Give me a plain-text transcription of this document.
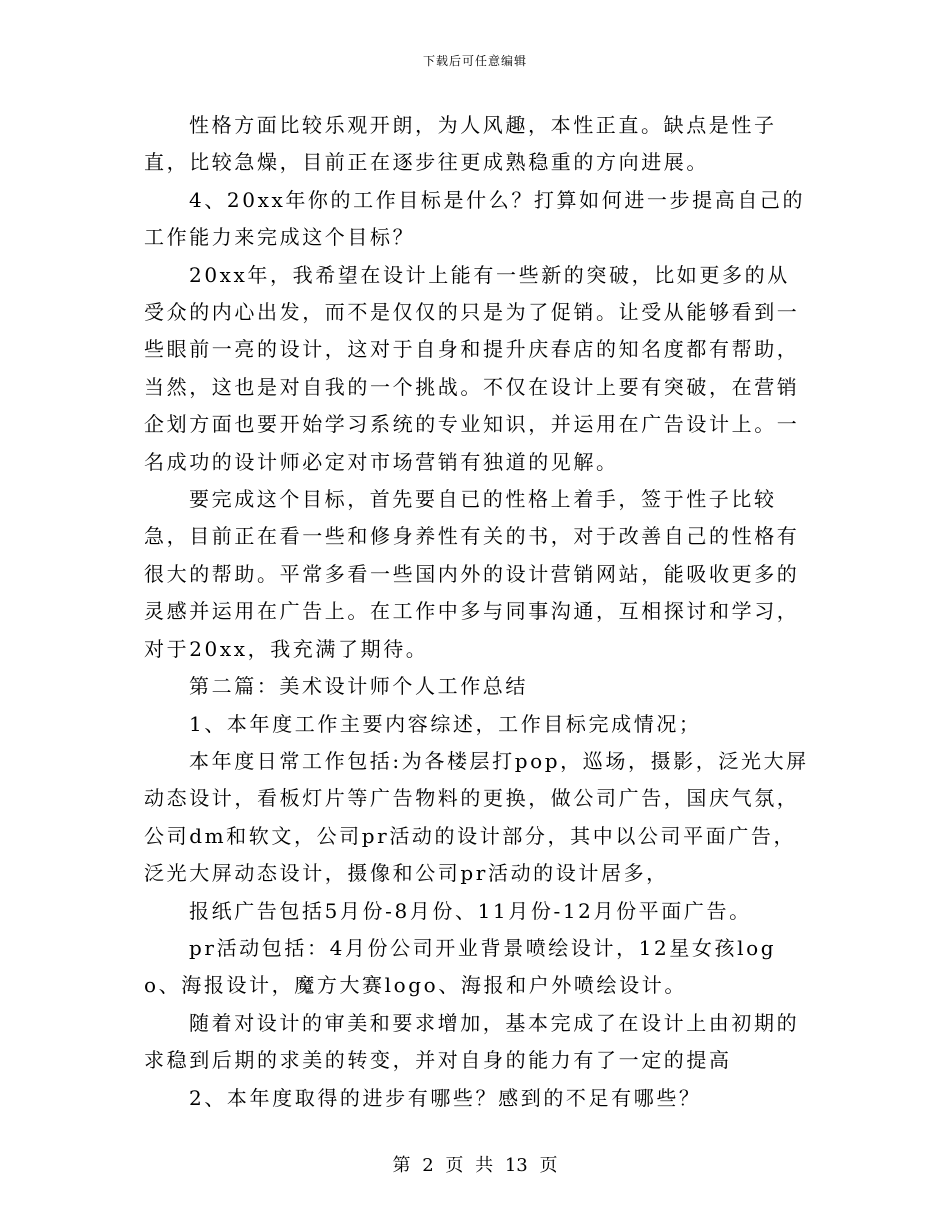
下载后可任意编辑

性格方面比较乐观开朗，为人风趣，本性正直。缺点是性子直，比较急燥，目前正在逐步往更成熟稳重的方向进展。

4、20xx年你的工作目标是什么？打算如何进一步提高自己的工作能力来完成这个目标？

20xx年，我希望在设计上能有一些新的突破，比如更多的从受众的内心出发，而不是仅仅的只是为了促销。让受从能够看到一些眼前一亮的设计，这对于自身和提升庆春店的知名度都有帮助，当然，这也是对自我的一个挑战。不仅在设计上要有突破，在营销企划方面也要开始学习系统的专业知识，并运用在广告设计上。一名成功的设计师必定对市场营销有独道的见解。

要完成这个目标，首先要自已的性格上着手，签于性子比较急，目前正在看一些和修身养性有关的书，对于改善自己的性格有很大的帮助。平常多看一些国内外的设计营销网站，能吸收更多的灵感并运用在广告上。在工作中多与同事沟通，互相探讨和学习，对于20xx，我充满了期待。

第二篇：美术设计师个人工作总结

1、本年度工作主要内容综述，工作目标完成情况；

本年度日常工作包括:为各楼层打pop，巡场，摄影，泛光大屏动态设计，看板灯片等广告物料的更换，做公司广告，国庆气氛，公司dm和软文，公司pr活动的设计部分，其中以公司平面广告，泛光大屏动态设计，摄像和公司pr活动的设计居多，

报纸广告包括5月份-8月份、11月份-12月份平面广告。

pr活动包括：4月份公司开业背景喷绘设计，12星女孩logo、海报设计，魔方大赛logo、海报和户外喷绘设计。

随着对设计的审美和要求增加，基本完成了在设计上由初期的求稳到后期的求美的转变，并对自身的能力有了一定的提高

2、本年度取得的进步有哪些？感到的不足有哪些？

第 2 页 共 13 页
